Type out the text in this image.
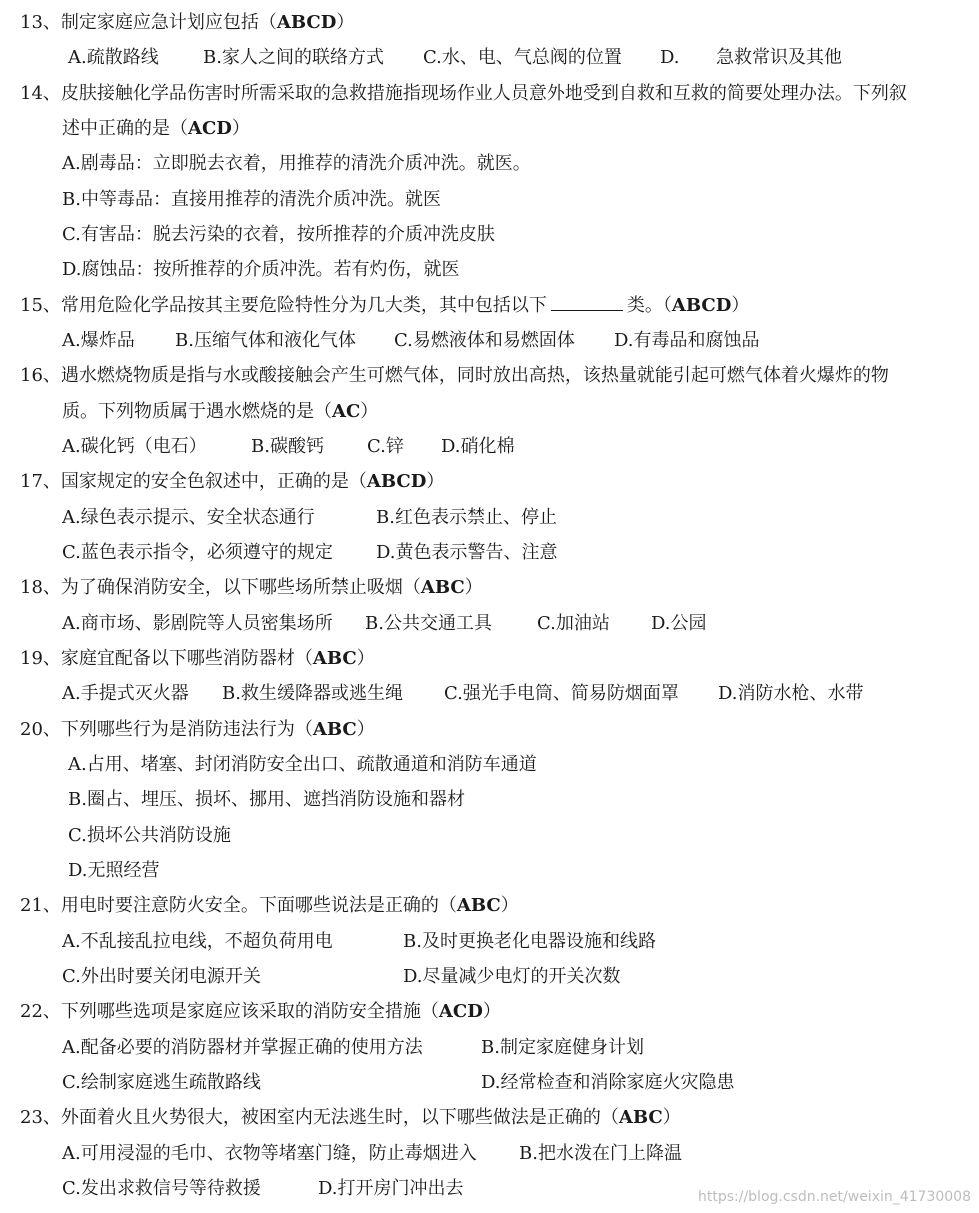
13、制定家庭应急计划应包括（ABCD）
A.疏散路线 B.家人之间的联络方式 C.水、电、气总阀的位置 D. 急救常识及其他
14、皮肤接触化学品伤害时所需采取的急救措施指现场作业人员意外地受到自救和互救的简要处理办法。下列叙
述中正确的是（ACD）
A.剧毒品：立即脱去衣着，用推荐的清洗介质冲洗。就医。
B.中等毒品：直接用推荐的清洗介质冲洗。就医
C.有害品：脱去污染的衣着，按所推荐的介质冲洗皮肤
D.腐蚀品：按所推荐的介质冲洗。若有灼伤，就医
15、常用危险化学品按其主要危险特性分为几大类，其中包括以下	类。（ABCD）
A.爆炸品 B.压缩气体和液化气体 C.易燃液体和易燃固体 D.有毒品和腐蚀品
16、遇水燃烧物质是指与水或酸接触会产生可燃气体，同时放出高热，该热量就能引起可燃气体着火爆炸的物
质。下列物质属于遇水燃烧的是（AC）
A.碳化钙（电石） B.碳酸钙 C.锌 D.硝化棉
17、国家规定的安全色叙述中，正确的是（ABCD）
A.绿色表示提示、安全状态通行	B.红色表示禁止、停止
C.蓝色表示指令，必须遵守的规定 D.黄色表示警告、注意
18、为了确保消防安全，以下哪些场所禁止吸烟（ABC）
A.商市场、影剧院等人员密集场所 B.公共交通工具	C.加油站 D.公园
19、家庭宜配备以下哪些消防器材（ABC）
A.手提式灭火器 B.救生缓降器或逃生绳 C.强光手电筒、简易防烟面罩 D.消防水枪、水带
20、下列哪些行为是消防违法行为（ABC）
A.占用、堵塞、封闭消防安全出口、疏散通道和消防车通道
B.圈占、埋压、损坏、挪用、遮挡消防设施和器材
C.损坏公共消防设施
D.无照经营
21、用电时要注意防火安全。下面哪些说法是正确的（ABC）
A.不乱接乱拉电线，不超负荷用电	B.及时更换老化电器设施和线路
C.外出时要关闭电源开关	D.尽量减少电灯的开关次数
22、下列哪些选项是家庭应该采取的消防安全措施（ACD）
A.配备必要的消防器材并掌握正确的使用方法	B.制定家庭健身计划
C.绘制家庭逃生疏散路线	D.经常检查和消除家庭火灾隐患
23、外面着火且火势很大，被困室内无法逃生时，以下哪些做法是正确的（ABC）
A.可用浸湿的毛巾、衣物等堵塞门缝，防止毒烟进入 B.把水泼在门上降温
C.发出求救信号等待救援	D.打开房门冲出去	https://blog.csdn.net/weixin_41730008
